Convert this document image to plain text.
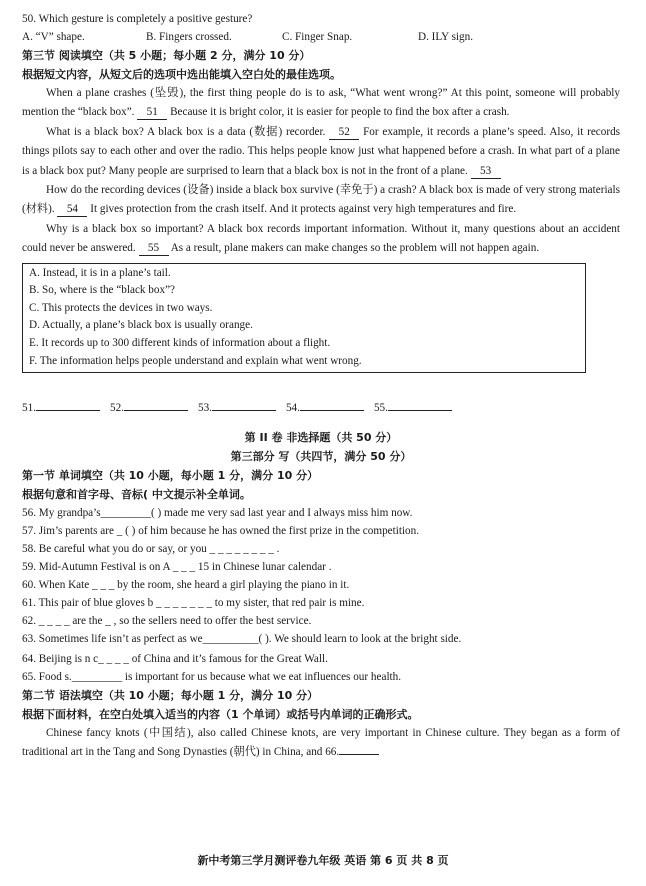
50. Which gesture is completely a positive gesture?

A. “V” shape.	B. Fingers crossed.	C. Finger Snap.	D. ILY sign.

第三节 阅读填空（共 5 小题；每小题 2 分，满分 10 分）

根据短文内容，从短文后的选项中选出能填入空白处的最佳选项。

When a plane crashes (坠毁), the first thing people do is to ask, “What went wrong?” At this point, someone will probably mention the “black box”. 51 Because it is bright color, it is easier for people to find the box after a crash.

What is a black box? A black box is a data (数据) recorder. 52 For example, it records a plane’s speed. Also, it records things pilots say to each other and over the radio. This helps people know just what happened before a crash. In what part of a plane is a black box put? Many people are surprised to learn that a black box is not in the front of a plane. 53

How do the recording devices (设备) inside a black box survive (幸免于) a crash? A black box is made of very strong materials (材料). 54 It gives protection from the crash itself. And it protects against very high temperatures and fire.

Why is a black box so important? A black box records important information. Without it, many questions about an accident could never be answered. 55 As a result, plane makers can make changes so the problem will not happen again.

A. Instead, it is in a plane’s tail.

B. So, where is the “black box”?

C. This protects the devices in two ways.

D. Actually, a plane’s black box is usually orange.

E. It records up to 300 different kinds of information about a flight.

F. The information helps people understand and explain what went wrong.

51.	52.	53.	54.	55.

第 II 卷 非选择题（共 50 分）

第三部分 写（共四节，满分 50 分）

第一节 单词填空（共 10 小题，每小题 1 分，满分 10 分）

根据句意和首字母、音标( 中文提示补全单词。

56. My grandpa’s_________( ) made me very sad last year and I always miss him now.

57. Jim’s parents are _ ( ) of him because he has owned the first prize in the competition.

58. Be careful what you do or say, or you _ _ _ _ _ _ _ _ .

59. Mid-Autumn Festival is on A _ _ _ 15 in Chinese lunar calendar .

60. When Kate _ _ _ by the room, she heard a girl playing the piano in it.

61. This pair of blue gloves b _ _ _ _ _ _ _ to my sister, that red pair is mine.

62. _ _ _ _ are the _ , so the sellers need to offer the best service.

63. Sometimes life isn’t as perfect as we__________( ). We should learn to look at the bright side.

64. Beijing is n c_ _ _ _ of China and it’s famous for the Great Wall.

65. Food s._________ is important for us because what we eat influences our health.

第二节 语法填空（共 10 小题；每小题 1 分，满分 10 分）

根据下面材料，在空白处填入适当的内容（1 个单词）或括号内单词的正确形式。

Chinese fancy knots (中国结), also called Chinese knots, are very important in Chinese culture. They began as a form of traditional art in the Tang and Song Dynasties (朝代) in China, and 66.

新中考第三学月测评卷九年级 英语 第 6 页 共 8 页
